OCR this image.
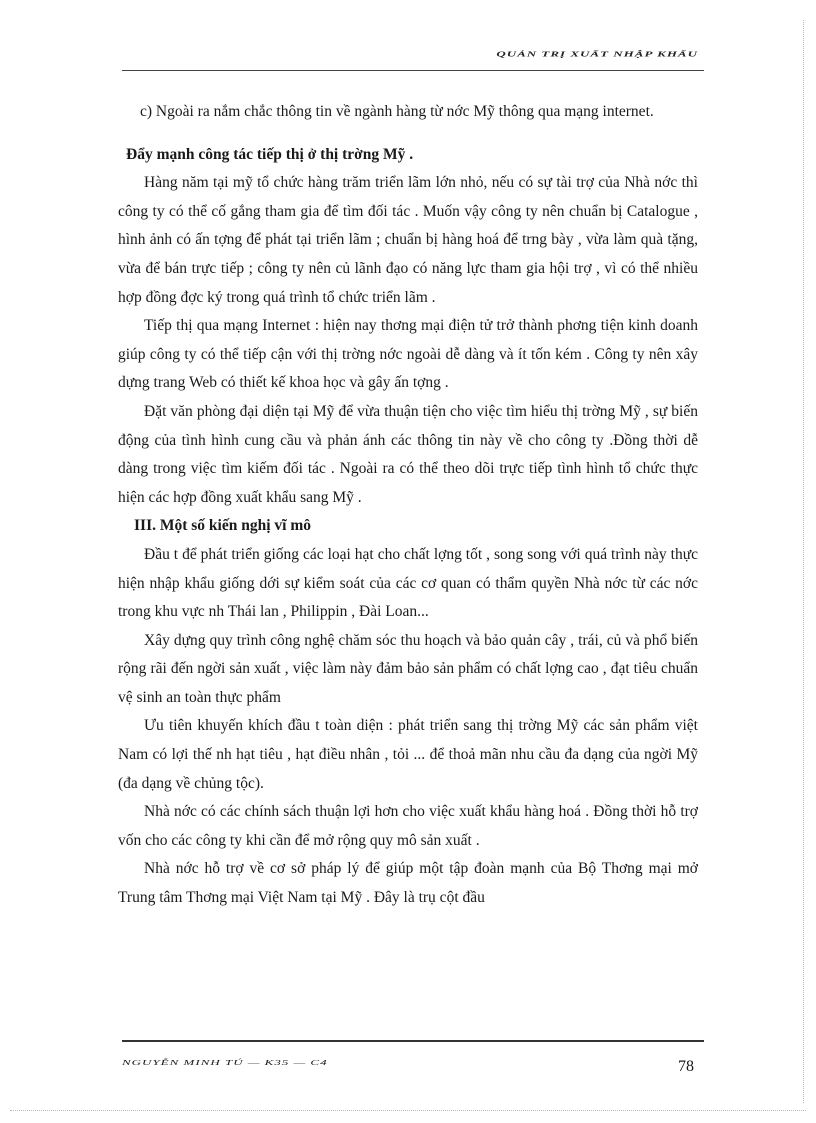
QUẢN TRỊ XUẤT NHẬP KHẨU

c) Ngoài ra nắm chắc thông tin về ngành hàng từ nớc Mỹ thông qua mạng internet.

Đẩy mạnh công tác tiếp thị ở thị trờng Mỹ .

Hàng năm tại mỹ tổ chức hàng trăm triển lãm lớn nhỏ, nếu có sự tài trợ của Nhà nớc thì công ty có thể cố gắng tham gia để tìm đối tác . Muốn vậy công ty nên chuẩn bị Catalogue , hình ảnh có ấn tợng để phát tại triển lãm ; chuẩn bị hàng hoá để trng bày , vừa làm quà tặng, vừa để bán trực tiếp ; công ty nên củ lãnh đạo có năng lực tham gia hội trợ , vì có thể nhiều hợp đồng đợc ký trong quá trình tổ chức triển lãm .

Tiếp thị qua mạng Internet : hiện nay thơng mại điện tử trở thành phơng tiện kinh doanh giúp công ty có thể tiếp cận với thị trờng nớc ngoài dễ dàng và ít tốn kém . Công ty nên xây dựng trang Web có thiết kế khoa học và gây ấn tợng .

Đặt văn phòng đại diện tại Mỹ để vừa thuận tiện cho việc tìm hiểu thị trờng Mỹ , sự biến động của tình hình cung cầu và phản ánh các thông tin này về cho công ty .Đồng thời dễ dàng trong việc tìm kiếm đối tác . Ngoài ra có thể theo dõi trực tiếp tình hình tổ chức thực hiện các hợp đồng xuất khẩu sang Mỹ .

III. Một số kiến nghị vĩ mô

Đầu t để phát triển giống các loại hạt cho chất lợng tốt , song song với quá trình này thực hiện nhập khẩu giống dới sự kiểm soát của các cơ quan có thẩm quyền Nhà nớc từ các nớc trong khu vực nh Thái lan , Philippin , Đài Loan...

Xây dựng quy trình công nghệ chăm sóc thu hoạch và bảo quản cây , trái, củ và phổ biến rộng rãi đến ngời sản xuất , việc làm này đảm bảo sản phẩm có chất lợng cao , đạt tiêu chuẩn vệ sinh an toàn thực phẩm

Ưu tiên khuyến khích đầu t toàn diện : phát triển sang thị trờng Mỹ các sản phẩm việt Nam có lợi thế nh hạt tiêu , hạt điều nhân , tỏi ... để thoả mãn nhu cầu đa dạng của ngời Mỹ (đa dạng về chủng tộc).

Nhà nớc có các chính sách thuận lợi hơn cho việc xuất khẩu hàng hoá . Đồng thời hỗ trợ vốn cho các công ty khi cần để mở rộng quy mô sản xuất .

Nhà nớc hỗ trợ về cơ sở pháp lý để giúp một tập đoàn mạnh của Bộ Thơng mại mở Trung tâm Thơng mại Việt Nam tại Mỹ . Đây là trụ cột đầu

NGUYỄN MINH TÚ — K35 — C4	78
